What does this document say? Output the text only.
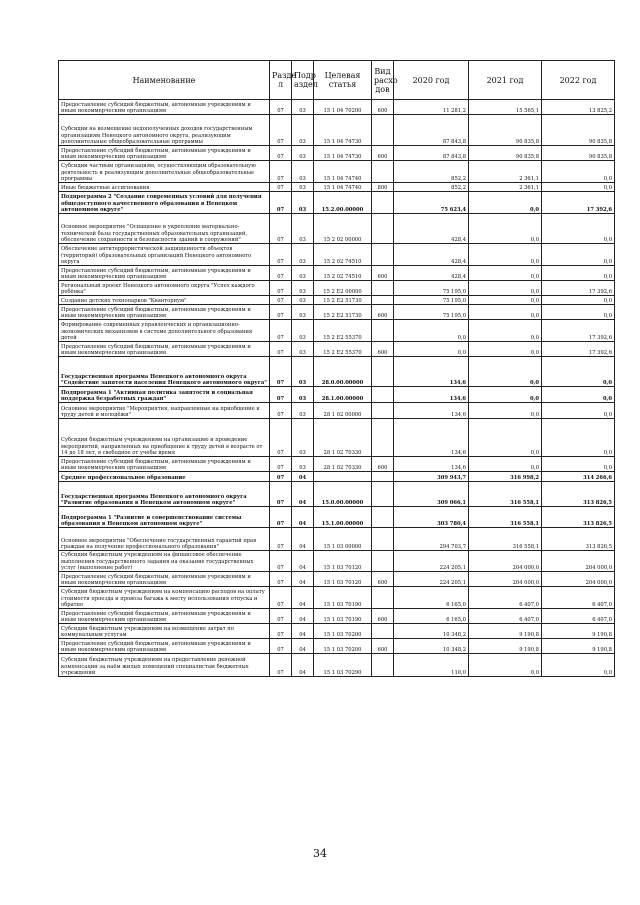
Наименование	Разде л	Подр аздел	Целевая статья	Вид расхо дов	2020 год	2021 год	2022 год
Предоставление субсидий бюджетным, автономным учреждениям и иным некоммерческим организациям	07	03	15 1 04 70200	600	11 281,2	15 565,1	13 825,2
Субсидии на возмещение недополученных доходов государственным организациям Ненецкого автономного округа, реализующим дополнительные общеобразовательные программы	07	03	15 1 04 74730		87 843,8	90 835,8	90 835,8
Предоставление субсидий бюджетным, автономным учреждениям и иным некоммерческим организациям	07	03	15 1 04 74730	600	87 843,8	90 835,8	90 835,8
Субсидии частным организациям, осуществляющим образовательную деятельность и реализующим дополнительные общеобразовательные программы	07	03	15 1 04 74740		852,2	2 361,1	0,0
Иные бюджетные ассигнования	07	03	15 1 04 74740	800	852,2	2 361,1	0,0
Подпрограмма 2 "Создание современных условий для получения общедоступного качественного образования в Ненецком автономном округе"	07	03	15.2.00.00000		75 623,4	0,0	17 392,6
Основное мероприятие "Оснащение и укрепление материально-технической базы государственных образовательных организаций, обеспечение сохранности и безопасности зданий и сооружений"	07	03	15 2 02 00000		428,4	0,0	0,0
Обеспечение антитеррористической защищенности объектов (территорий) образовательных организаций Ненецкого автономного округа	07	03	15 2 02 74510		428,4	0,0	0,0
Предоставление субсидий бюджетным, автономным учреждениям и иным некоммерческим организациям	07	03	15 2 02 74510	600	428,4	0,0	0,0
Региональный проект Ненецкого автономного округа "Успех каждого ребёнка"	07	03	15 2 E2 00000		75 195,0	0,0	17 392,6
Создание детских технопарков "Кванториум"	07	03	15 2 E2 51730		75 195,0	0,0	0,0
Предоставление субсидий бюджетным, автономным учреждениям и иным некоммерческим организациям	07	03	15 2 E2 51730	600	75 195,0	0,0	0,0
Формирование современных управленческих и организационно-экономических механизмов в системе дополнительного образования детей	07	03	15 2 E2 55370		0,0	0,0	17 392,6
Предоставление субсидий бюджетным, автономным учреждениям и иным некоммерческим организациям	07	03	15 2 E2 55370	600	0,0	0,0	17 392,6
Государственная программа Ненецкого автономного округа "Содействие занятости населения Ненецкого автономного округа"	07	03	28.0.00.00000		134,6	0,0	0,0
Подпрограмма 1 "Активная политика занятости и социальная поддержка безработных граждан"	07	03	28.1.00.00000		134,6	0,0	0,0
Основное мероприятие "Мероприятия, направленные на приобщение к труду детей и молодёжи"	07	03	28 1 02 00000		134,6	0,0	0,0
Субсидии бюджетным учреждениям на организацию и проведение мероприятий, направленных на приобщение к труду детей в возрасте от 14 до 18 лет, в свободное от учебы время	07	03	28 1 02 70330		134,6	0,0	0,0
Предоставление субсидий бюджетным, автономным учреждениям и иным некоммерческим организациям	07	03	28 1 02 70330	600	134,6	0,0	0,0
Среднее профессиональное образование	07	04			309 943,7	316 998,2	314 266,6
Государственная программа Ненецкого автономного округа "Развитие образования в Ненецком автономном округе"	07	04	15.0.00.00000		309 066,1	316 558,1	313 826,5
Подпрограмма 1 "Развитие и совершенствование системы образования в Ненецком автономном округе"	07	04	15.1.00.00000		303 780,4	316 558,1	313 826,5
Основное мероприятие "Обеспечение государственных гарантий прав граждан на получение профессионального образования"	07	04	15 1 03 00000		294 703,7	316 558,1	313 826,5
Субсидии бюджетным учреждениям на финансовое обеспечение выполнения государственного задания на оказание государственных услуг (выполнение работ)	07	04	15 1 03 70120		224 205,1	204 000,0	204 000,0
Предоставление субсидий бюджетным, автономным учреждениям и иным некоммерческим организациям	07	04	15 1 03 70120	600	224 205,1	204 000,0	204 000,0
Субсидии бюджетным учреждениям на компенсацию расходов на оплату стоимости проезда и провоза багажа к месту использования отпуска и обратно	07	04	15 1 03 70190		6 165,0	6 407,0	6 407,0
Предоставление субсидий бюджетным, автономным учреждениям и иным некоммерческим организациям	07	04	15 1 03 70190	600	6 165,0	6 407,0	6 407,0
Субсидии бюджетным учреждениям на возмещение затрат по коммунальным услугам	07	04	15 1 03 70200		10 348,2	9 190,8	9 190,8
Предоставление субсидий бюджетным, автономным учреждениям и иным некоммерческим организациям	07	04	15 1 03 70200	600	10 348,2	9 190,8	9 190,8
Субсидии бюджетным учреждениям на предоставление денежной компенсации за наём жилых помещений специалистам бюджетных учреждений	07	04	15 1 03 70290		110,0	0,0	0,0
34
